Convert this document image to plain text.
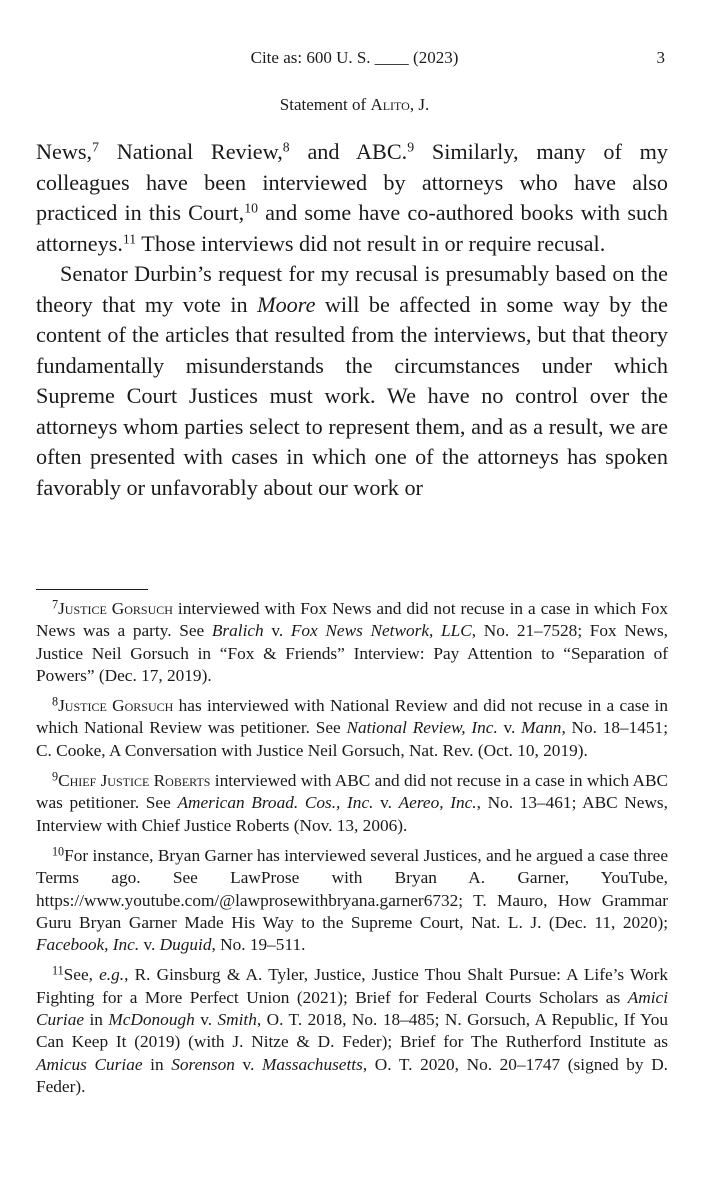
Cite as: 600 U. S. ____ (2023)	3
Statement of Alito, J.

News,$^7$ National Review,$^8$ and ABC.$^9$ Similarly, many of my colleagues have been interviewed by attorneys who have also practiced in this Court,$^{10}$ and some have co-authored books with such attorneys.$^{11}$ Those interviews did not result in or require recusal.

Senator Durbin’s request for my recusal is presumably based on the theory that my vote in Moore will be affected in some way by the content of the articles that resulted from the interviews, but that theory fundamentally misunderstands the circumstances under which Supreme Court Justices must work. We have no control over the attorneys whom parties select to represent them, and as a result, we are often presented with cases in which one of the attorneys has spoken favorably or unfavorably about our work or

$^7$Justice Gorsuch interviewed with Fox News and did not recuse in a case in which Fox News was a party. See Bralich v. Fox News Network, LLC, No. 21–7528; Fox News, Justice Neil Gorsuch in “Fox & Friends” Interview: Pay Attention to “Separation of Powers” (Dec. 17, 2019).

$^8$Justice Gorsuch has interviewed with National Review and did not recuse in a case in which National Review was petitioner. See National Review, Inc. v. Mann, No. 18–1451; C. Cooke, A Conversation with Justice Neil Gorsuch, Nat. Rev. (Oct. 10, 2019).

$^9$Chief Justice Roberts interviewed with ABC and did not recuse in a case in which ABC was petitioner. See American Broad. Cos., Inc. v. Aereo, Inc., No. 13–461; ABC News, Interview with Chief Justice Roberts (Nov. 13, 2006).

$^{10}$For instance, Bryan Garner has interviewed several Justices, and he argued a case three Terms ago. See LawProse with Bryan A. Garner, YouTube, https://www.youtube.com/@lawprosewithbryana.garner6732; T. Mauro, How Grammar Guru Bryan Garner Made His Way to the Supreme Court, Nat. L. J. (Dec. 11, 2020); Facebook, Inc. v. Duguid, No. 19–511.

$^{11}$See, e.g., R. Ginsburg & A. Tyler, Justice, Justice Thou Shalt Pursue: A Life’s Work Fighting for a More Perfect Union (2021); Brief for Federal Courts Scholars as Amici Curiae in McDonough v. Smith, O. T. 2018, No. 18–485; N. Gorsuch, A Republic, If You Can Keep It (2019) (with J. Nitze & D. Feder); Brief for The Rutherford Institute as Amicus Curiae in Sorenson v. Massachusetts, O. T. 2020, No. 20–1747 (signed by D. Feder).
